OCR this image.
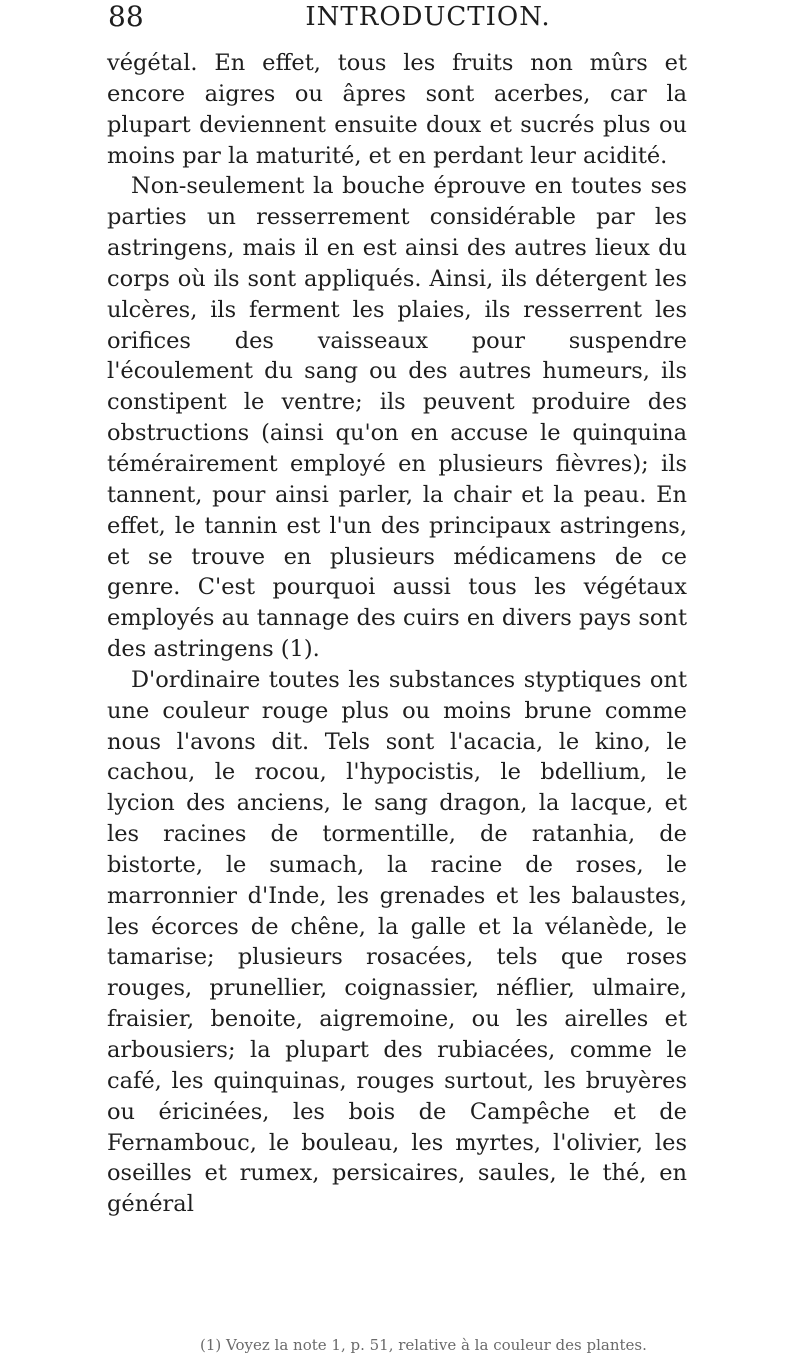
88	INTRODUCTION.

végétal. En effet, tous les fruits non mûrs et encore aigres ou âpres sont acerbes, car la plupart deviennent ensuite doux et sucrés plus ou moins par la maturité, et en perdant leur acidité.

Non-seulement la bouche éprouve en toutes ses parties un resserrement considérable par les astringens, mais il en est ainsi des autres lieux du corps où ils sont appliqués. Ainsi, ils détergent les ulcères, ils ferment les plaies, ils resserrent les orifices des vaisseaux pour suspendre l'écoulement du sang ou des autres humeurs, ils constipent le ventre; ils peuvent produire des obstructions (ainsi qu'on en accuse le quinquina témérairement employé en plusieurs fièvres); ils tannent, pour ainsi parler, la chair et la peau. En effet, le tannin est l'un des principaux astringens, et se trouve en plusieurs médicamens de ce genre. C'est pourquoi aussi tous les végétaux employés au tannage des cuirs en divers pays sont des astringens (1).

D'ordinaire toutes les substances styptiques ont une couleur rouge plus ou moins brune comme nous l'avons dit. Tels sont l'acacia, le kino, le cachou, le rocou, l'hypocistis, le bdellium, le lycion des anciens, le sang dragon, la lacque, et les racines de tormentille, de ratanhia, de bistorte, le sumach, la racine de roses, le marronnier d'Inde, les grenades et les balaustes, les écorces de chêne, la galle et la vélanède, le tamarise; plusieurs rosacées, tels que roses rouges, prunellier, coignassier, néflier, ulmaire, fraisier, benoite, aigremoine, ou les airelles et arbousiers; la plupart des rubiacées, comme le café, les quinquinas, rouges surtout, les bruyères ou éricinées, les bois de Campêche et de Fernambouc, le bouleau, les myrtes, l'olivier, les oseilles et rumex, persicaires, saules, le thé, en général

(1) Voyez la note 1, p. 51, relative à la couleur des plantes.
